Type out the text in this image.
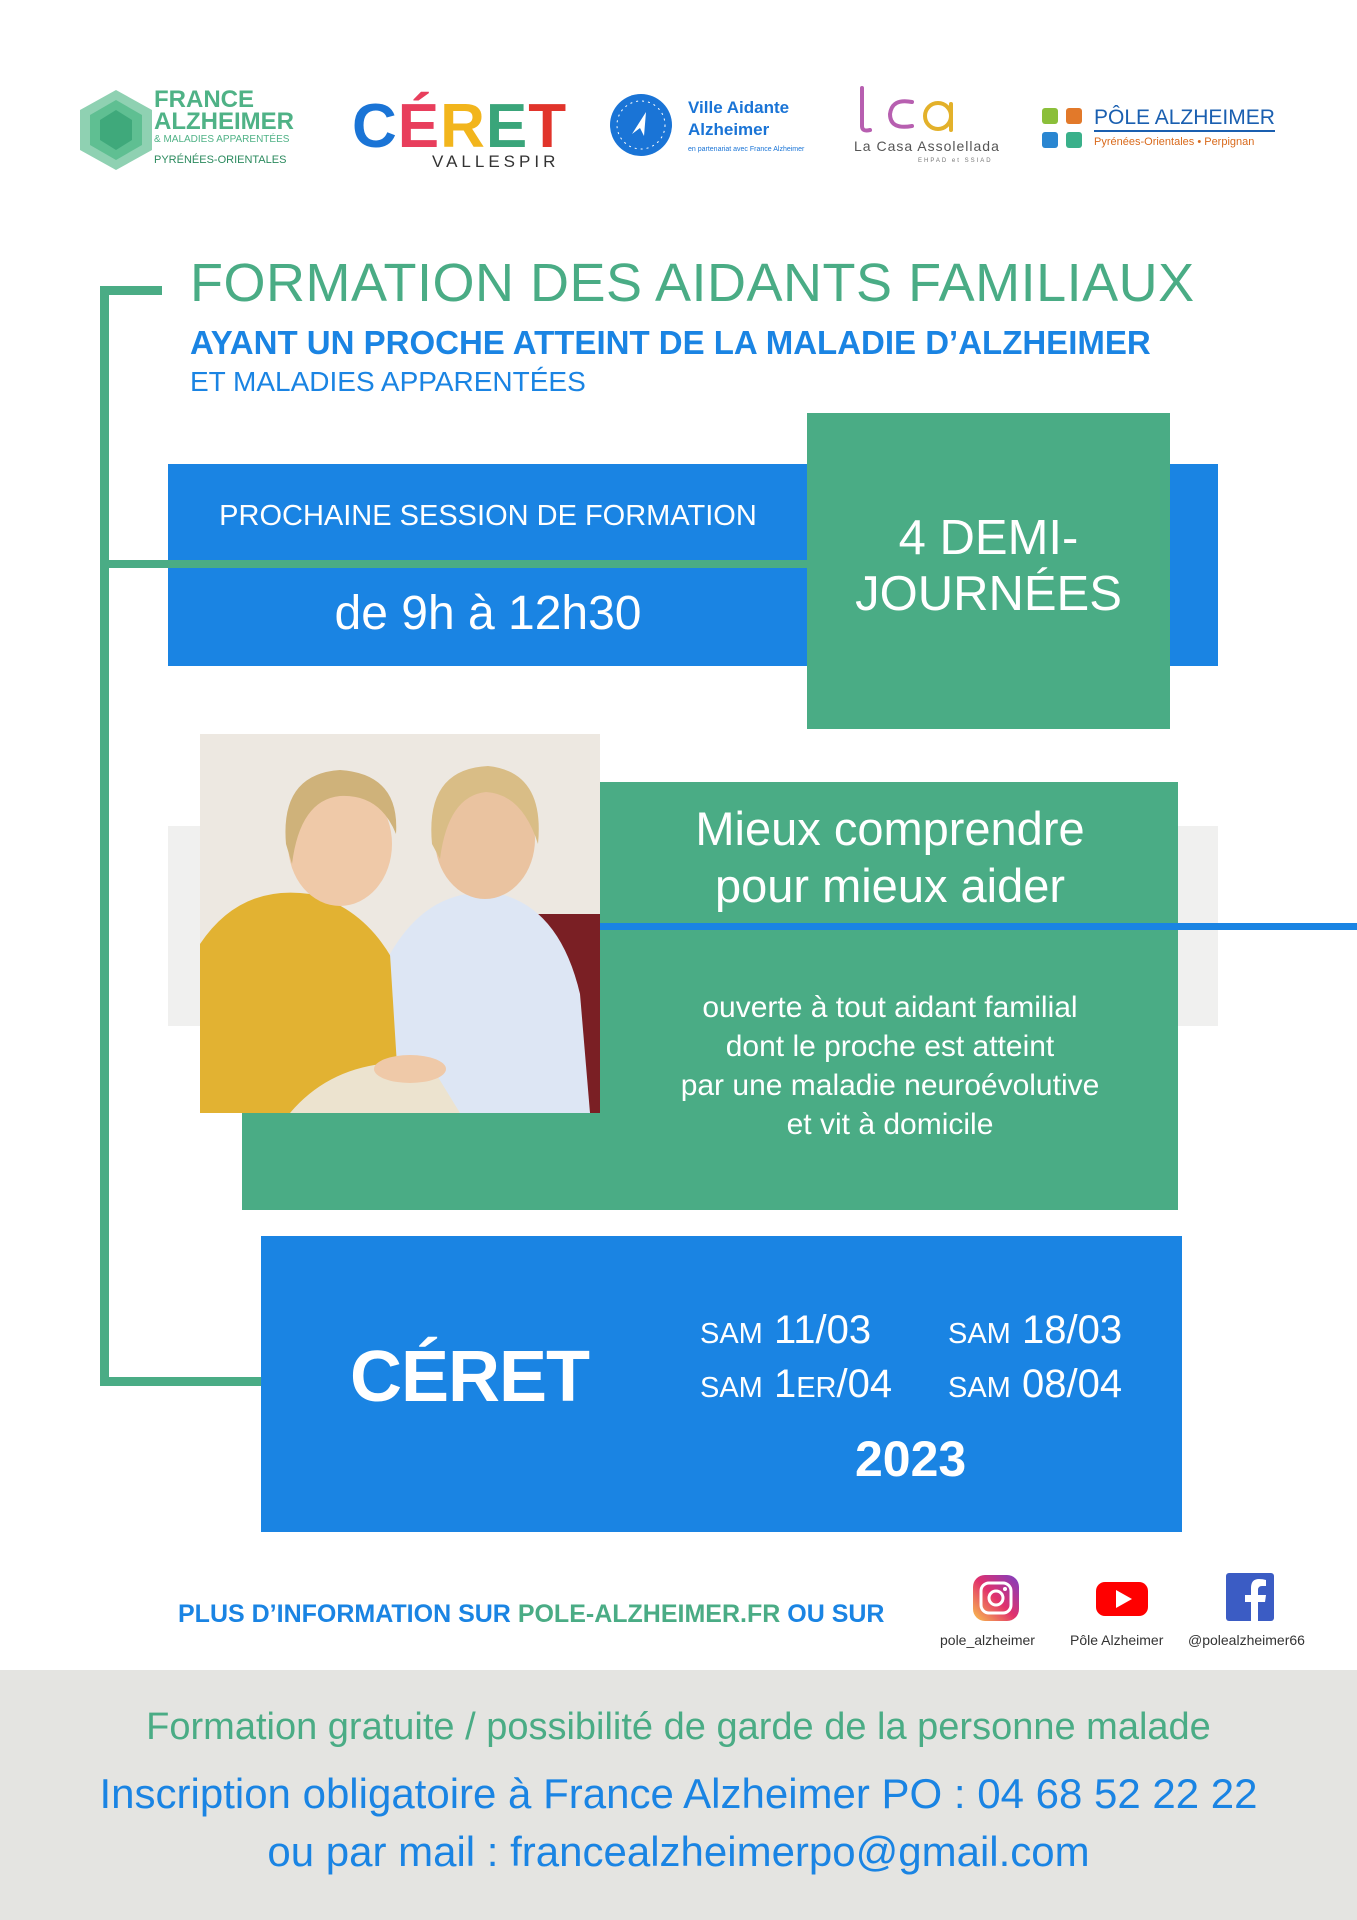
FRANCE
ALZHEIMER
& MALADIES APPARENTÉES
PYRÉNÉES-ORIENTALES CÉRET
VALLESPIR
Ville Aidante
Alzheimer
en partenariat avec France Alzheimer	La Casa Assolellada
EHPAD et SSIAD
PÔLE ALZHEIMER
Pyrénées-Orientales • Perpignan
FORMATION DES AIDANTS FAMILIAUX
AYANT UN PROCHE ATTEINT DE LA MALADIE D’ALZHEIMER
ET MALADIES APPARENTÉES
PROCHAINE SESSION DE FORMATION
de 9h à 12h30
4 DEMI-
JOURNÉES
Mieux comprendre
pour mieux aider
ouverte à tout aidant familial
dont le proche est atteint
par une maladie neuroévolutive
et vit à domicile
CÉRET
SAM 11/03	SAM 18/03
SAM 1ER/04 SAM 08/04
2023
PLUS D’INFORMATION SUR POLE-ALZHEIMER.FR OU SUR
pole_alzheimer	Pôle Alzheimer @polealzheimer66
Formation gratuite / possibilité de garde de la personne malade
Inscription obligatoire à France Alzheimer PO : 04 68 52 22 22
ou par mail : francealzheimerpo@gmail.com
